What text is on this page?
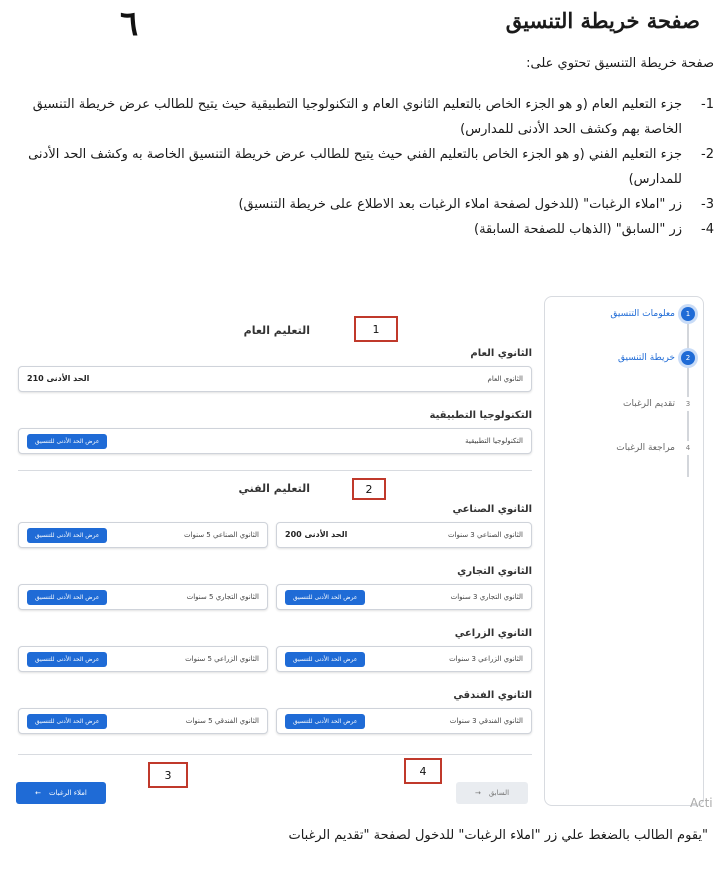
٦	صفحة خريطة التنسيق
صفحة خريطة التنسيق تحتوي على:
-1
جزء التعليم العام (و هو الجزء الخاص بالتعليم الثانوي العام و التكنولوجيا التطبيقية حيث يتيح للطالب عرض خريطة التنسيق الخاصة بهم وكشف الحد الأدنى للمدارس)
-2
جزء التعليم الفني (و هو الجزء الخاص بالتعليم الفني حيث يتيح للطالب عرض خريطة التنسيق الخاصة به وكشف الحد الأدنى للمدارس)
-3
زر "املاء الرغبات" (للدخول لصفحة املاء الرغبات بعد الاطلاع على خريطة التنسيق)
-4
زر "السابق" (الذهاب للصفحة السابقة)
التعليم العام	1
الثانوي العام
الثانوي العام
الحد الأدنى 210
التكنولوجيا التطبيقية
التكنولوجيا التطبيقية
عرض الحد الأدنى للتنسيق
التعليم الفني	2
الثانوي الصناعي
الثانوي الصناعي 3 سنوات
الحد الأدنى 200
الثانوي الصناعي 5 سنوات
عرض الحد الأدنى للتنسيق
الثانوي التجاري
الثانوي التجاري 3 سنوات
عرض الحد الأدنى للتنسيق
الثانوي التجاري 5 سنوات
عرض الحد الأدنى للتنسيق
الثانوي الزراعي
الثانوي الزراعي 3 سنوات
عرض الحد الأدنى للتنسيق
الثانوي الزراعي 5 سنوات
عرض الحد الأدنى للتنسيق
الثانوي الفندقي
الثانوي الفندقي 3 سنوات
عرض الحد الأدنى للتنسيق
الثانوي الفندقي 5 سنوات
عرض الحد الأدنى للتنسيق
3	4
املاء الرغبات
←	السابق
→
1
معلومات التنسيق
2
خريطة التنسيق
3
تقديم الرغبات
4
مراجعة الرغبات
Acti
"يقوم الطالب بالضغط علي زر "املاء الرغبات" للدخول لصفحة "تقديم الرغبات
